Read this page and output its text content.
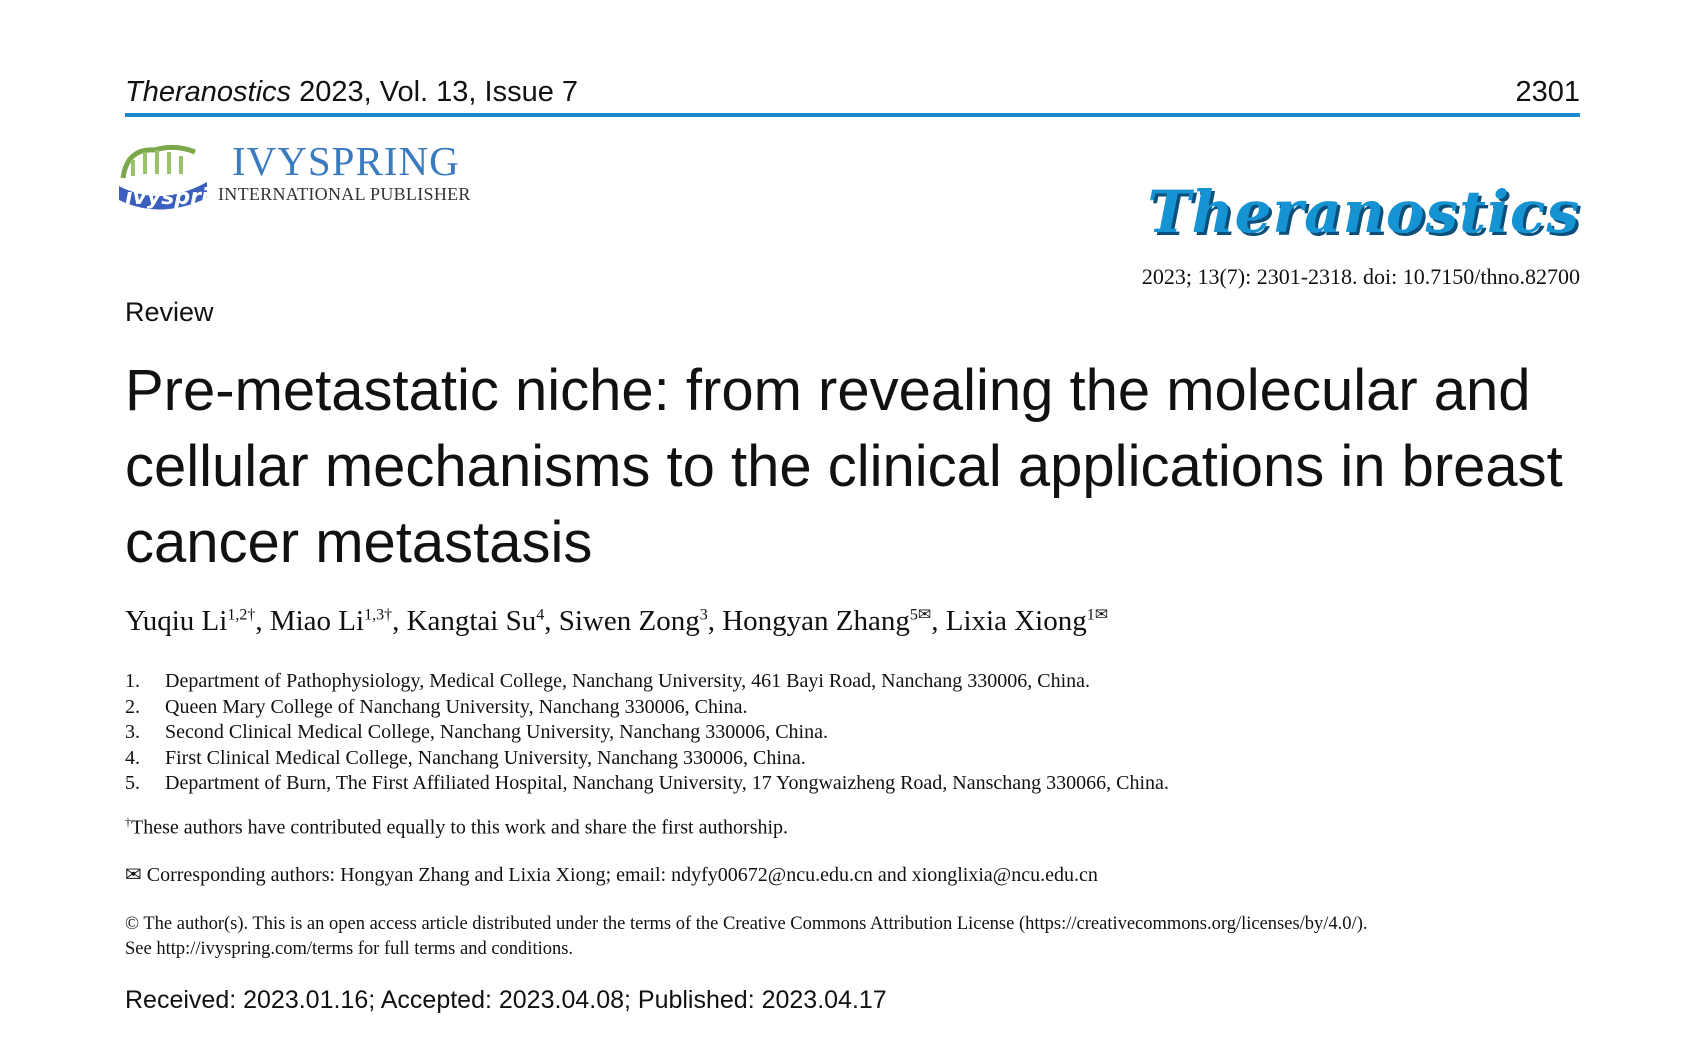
Theranostics 2023, Vol. 13, Issue 7	2301
ivyspring
IVYSPRING
INTERNATIONAL PUBLISHER	Theranostics
2023; 13(7): 2301-2318. doi: 10.7150/thno.82700
Review
Pre-metastatic niche: from revealing the molecular and
cellular mechanisms to the clinical applications in breast
cancer metastasis
Yuqiu $Li^{1,2\dagger}$, Miao $Li^{1,3\dagger}$, Kangtai Su$^4$, Siwen Zong$^3$, Hongyan Zhang$^{5✉}$, Lixia Xiong$^{1✉}$
1.	Department of Pathophysiology, Medical College, Nanchang University, 461 Bayi Road, Nanchang 330006, China.
2.	Queen Mary College of Nanchang University, Nanchang 330006, China.
3.	Second Clinical Medical College, Nanchang University, Nanchang 330006, China.
4.	First Clinical Medical College, Nanchang University, Nanchang 330006, China.
5.	Department of Burn, The First Affiliated Hospital, Nanchang University, 17 Yongwaizheng Road, Nanschang 330066, China.
†These authors have contributed equally to this work and share the first authorship.
✉ Corresponding authors: Hongyan Zhang and Lixia Xiong; email: ndyfy00672@ncu.edu.cn and xionglixia@ncu.edu.cn
© The author(s). This is an open access article distributed under the terms of the Creative Commons Attribution License (https://creativecommons.org/licenses/by/4.0/).
See http://ivyspring.com/terms for full terms and conditions.
Received: 2023.01.16; Accepted: 2023.04.08; Published: 2023.04.17
